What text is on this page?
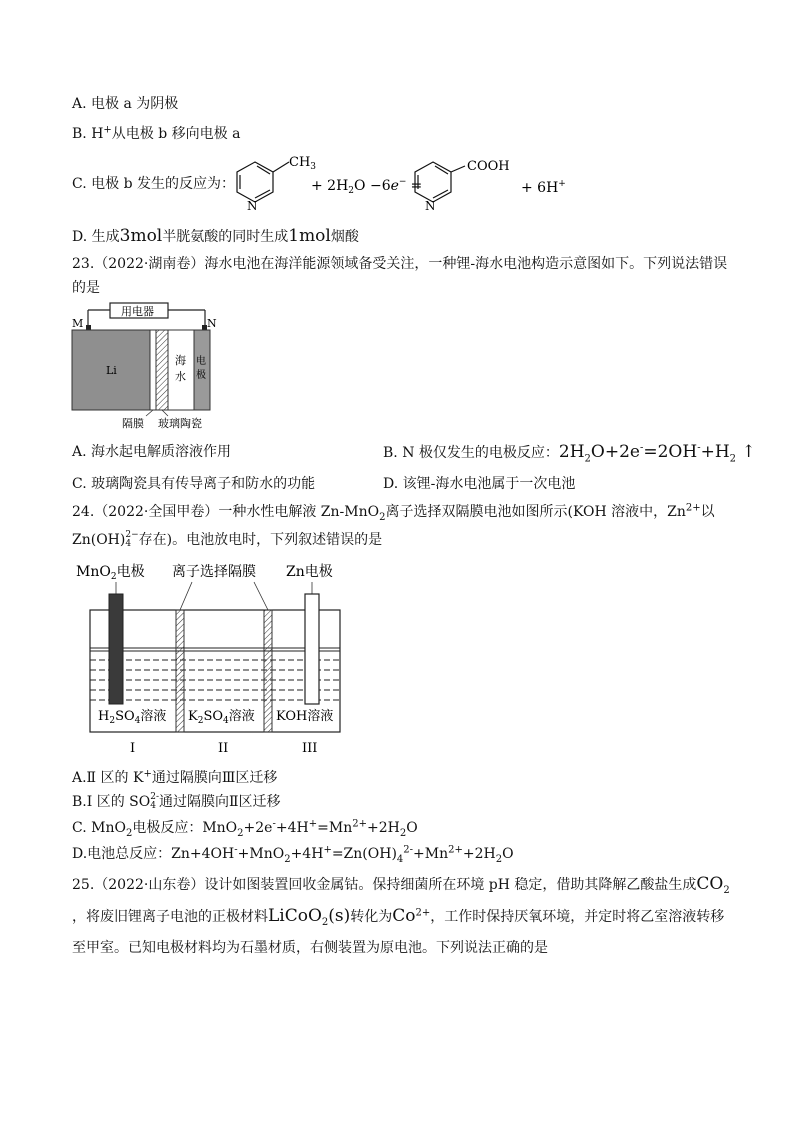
A. 电极 a 为阴极
B. H+从电极 b 移向电极 a
C. 电极 b 发生的反应为：
$CH_3$
N
+ $2H_2O -6e^-$ =
COOH
N
+ 6H+
D. 生成3mol半胱氨酸的同时生成1mol烟酸
23.（2022·湖南卷）海水电池在海洋能源领域备受关注，一种锂-海水电池构造示意图如下。下列说法错误
的是
M	N
用电器
Li
海
水
电
极
隔膜 玻璃陶瓷
A. 海水起电解质溶液作用	B. N 极仅发生的电极反应：$2H_2O+2e^-=2OH^-+H_2$ ↑
C. 玻璃陶瓷具有传导离子和防水的功能	D. 该锂-海水电池属于一次电池
24.（2022·全国甲卷）一种水性电解液 Zn-MnO$_2$离子选择双隔膜电池如图所示(KOH 溶液中，$Zn^{2+}$以
Zn(OH)2−
4 存在)。电池放电时，下列叙述错误的是
MnO$_2$电极 离子选择隔膜 Zn电极
$H_2SO_4$溶液 $K_2SO_4$溶液 KOH溶液
I	II	III
A.Ⅱ 区的 K+通过隔膜向Ⅲ区迁移
B.Ⅰ 区的 SO2-
4 通过隔膜向Ⅱ区迁移
C. MnO$_2$电极反应：$MnO_2+2e^-+4H^+=Mn^{2+}+2H_2O$
D.电池总反应：$Zn+4OH^-+MnO_2+4H^+=Zn(OH)_4^{2-}+Mn^{2+}+2H_2O$
25.（2022·山东卷）设计如图装置回收金属钴。保持细菌所在环境 pH 稳定，借助其降解乙酸盐生成$CO_2$
，将废旧锂离子电池的正极材料LiCoO$_2$(s)转化为$Co^{2+}$，工作时保持厌氧环境，并定时将乙室溶液转移
至甲室。已知电极材料均为石墨材质，右侧装置为原电池。下列说法正确的是
